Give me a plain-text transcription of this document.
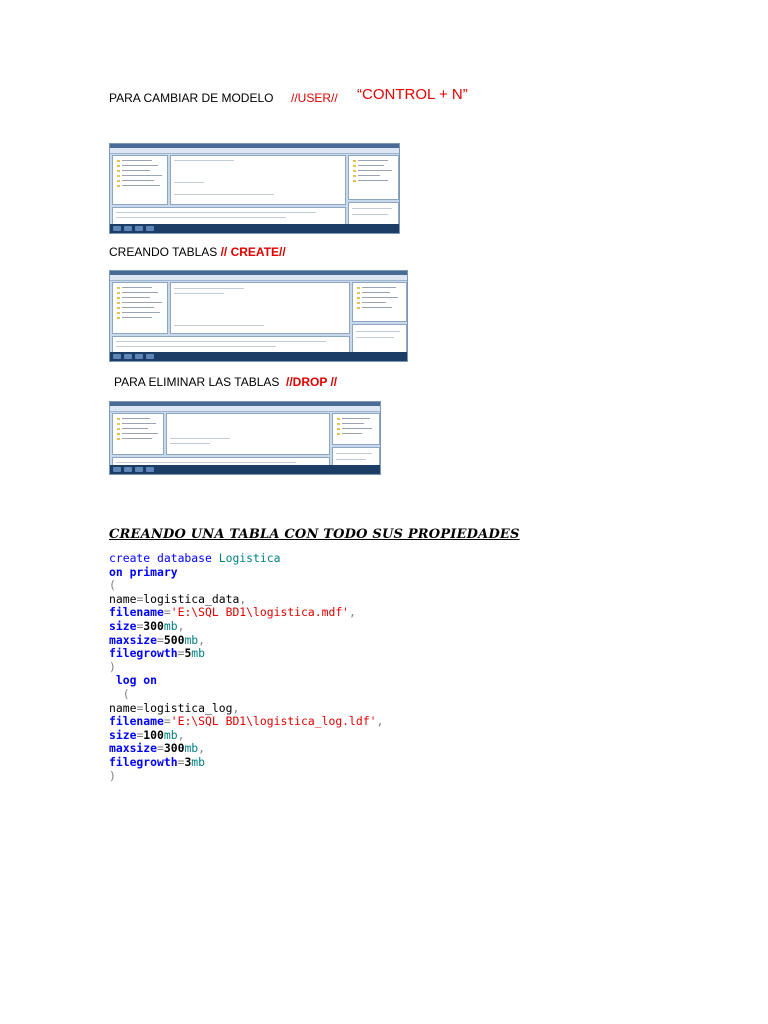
PARA CAMBIAR DE MODELO //USER// “CONTROL + N”
CREANDO TABLAS // CREATE//
PARA ELIMINAR LAS TABLAS //DROP //
CREANDO UNA TABLA CON TODO SUS PROPIEDADES
create database Logistica
on primary
(
name=logistica_data,
filename='E:\SQL BD1\logistica.mdf',
size=300mb,
maxsize=500mb,
filegrowth=5mb
)
log on
(
name=logistica_log,
filename='E:\SQL BD1\logistica_log.ldf',
size=100mb,
maxsize=300mb,
filegrowth=3mb
)
